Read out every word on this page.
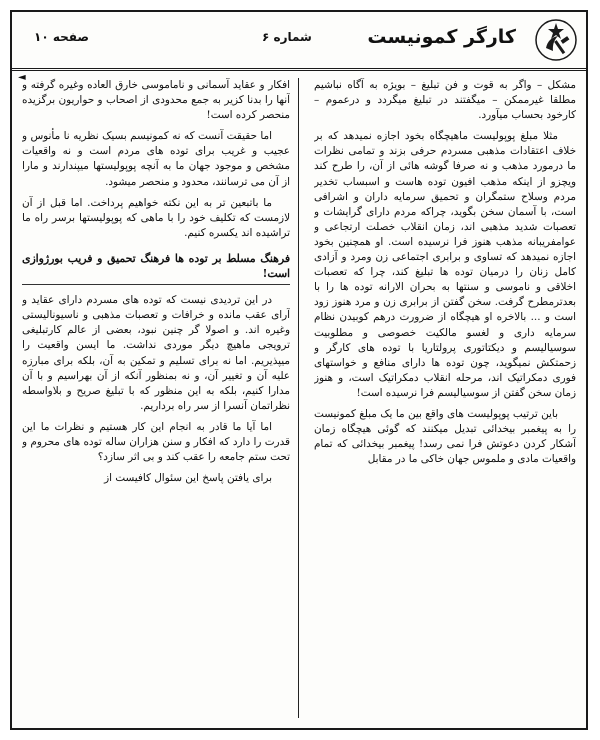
کارگر کمونیست
شماره ۶
صفحه ۱۰
◄

مشکل – واگر به قوت و فن تبلیغ – بویژه به آگاه نباشیم مطلقا غیرممکن – میگفتند در تبلیغ میگردد و درعموم – کارخود بحساب میآورد.

مثلا مبلغ پوپولیست ماهیچگاه بخود اجازه نمیدهد که بر خلاف اعتقادات مذهبی مسردم حرفی بزند و تمامی نظرات ما درمورد مذهب و نه صرفا گوشه هائی از آن، را طرح کند ویچزو از اینکه مذهب افیون توده هاست و اسبساب تخدیر مردم وسلاح ستمگران و تحمیق سرمایه داران و اشرافی است، با آسمان سخن بگوید، چراکه مردم دارای گرایشات و تعصبات شدید مذهبی اند، زمان انقلاب خصلت ارتجاعی و عوامفریبانه مذهب هنوز فرا نرسیده است. او همچنین بخود اجازه نمیدهد که تساوی و برابری اجتماعی زن ومرد و آزادی کامل زنان را درمیان توده ها تبلیغ کند، چرا که تعصبات اخلاقی و ناموسی و سنتها به بحران الارانه توده ها را با بعدترمطرح گرفت. سخن گفتن از برابری زن و مرد هنوز زود است و ... بالاخره او هیچگاه از ضرورت درهم کوبیدن نظام سرمایه داری و لغسو مالکیت خصوصی و مطلوبیت سوسیالیسم و دیکتاتوری پرولتاریا با توده های کارگر و زحمتکش نمیگوید، چون توده ها دارای منافع و خواستهای فوری دمکراتیک اند، مرحله انقلاب دمکراتیک است، و هنوز زمان سخن گفتن از سوسیالیسم فرا نرسیده است!

باین ترتیب پوپولیست های واقع بین ما یک مبلغ کمونیست را به پیغمبر بیخدائی تبدیل میکنند که گوئی هیچگاه زمان آشکار کردن دعوتش فرا نمی رسد! پیغمبر بیخدائی که تمام واقعیات مادی و ملموس جهان خاکی ما در مقابل

افکار و عقاید آسمانی و ناماموسی خارق العاده وغیره گرفته و آنها را بدنا کزیر به جمع محدودی از اصحاب و حواریون برگزیده منحصر کرده است!

اما حقیقت آنست که نه کمونیسم بسیک نظریه نا مأنوس و عجیب و غریب برای توده های مردم است و نه واقعیات مشخص و موجود جهان ما به آنچه پوپولیستها میپندارند و مارا از آن می ترسانند، محدود و منحصر میشود.

ما باتبعین تر به این نکته خواهیم پرداخت. اما قبل از آن لازمست که تکلیف خود را با ماهی که پوپولیستها برسر راه ما تراشیده اند یکسره کنیم.

فرهنگ مسلط بر توده ها فرهنگ تحمیق و فریب بورژوازی است!

در این تردیدی نیست که توده های مسردم دارای عقاید و آرای عقب مانده و خرافات و تعصبات مذهبی و ناسیونالیستی وغیره اند. و اصولا گر چنین نبود، بعضی از عالم کارتبلیغی ترویجی ماهیچ دیگر موردی نداشت. ما ایسن واقعیت را میپذیریم. اما نه برای تسلیم و تمکین به آن، بلکه برای مبارزه علیه آن و تغییر آن، و نه بمنظور آنکه از آن بهراسیم و با آن مدارا کنیم، بلکه به این منظور که با تبلیغ صریح و بلاواسطه نظراتمان آنسرا از سر راه برداریم.

اما آیا ما قادر به انجام این کار هستیم و نظرات ما این قدرت را دارد که افکار و سنن هزاران ساله توده های محروم و تحت ستم جامعه را عقب کند و بی اثر سازد؟

برای یافتن پاسخ این سئوال کافیست از
